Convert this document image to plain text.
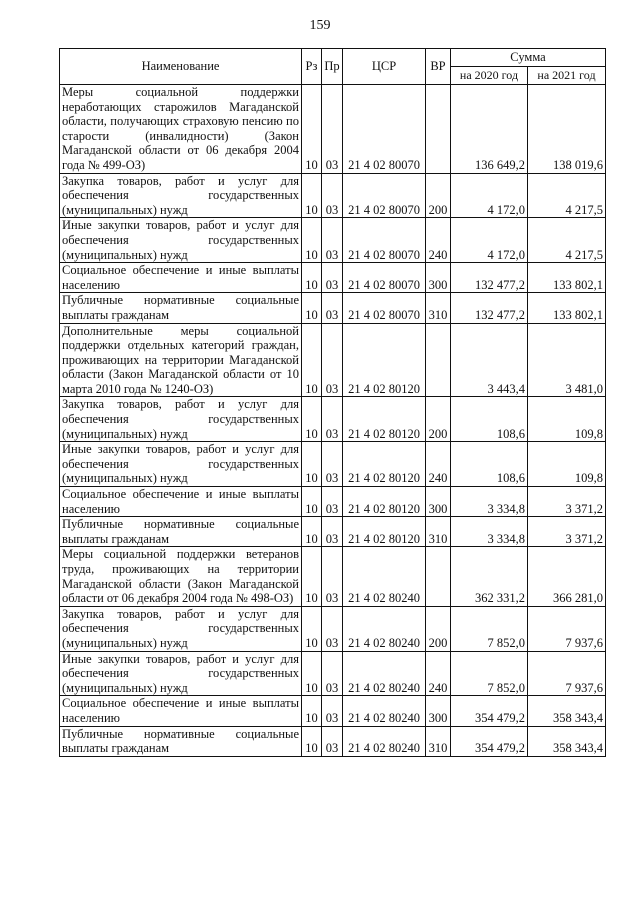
159
Наименование	Рз	Пр	ЦСР	ВР	Сумма	
					на 2020 год	на 2021 год
Меры социальной поддержки неработающих старожилов Магаданской области, получающих страховую пенсию по старости (инвалидности) (Закон Магаданской области от 06 декабря 2004 года № 499-ОЗ)	10	03	21 4 02 80070		136 649,2	138 019,6
Закупка товаров, работ и услуг для обеспечения государственных (муниципальных) нужд	10	03	21 4 02 80070	200	4 172,0	4 217,5
Иные закупки товаров, работ и услуг для обеспечения государственных (муниципальных) нужд	10	03	21 4 02 80070	240	4 172,0	4 217,5
Социальное обеспечение и иные выплаты населению	10	03	21 4 02 80070	300	132 477,2	133 802,1
Публичные нормативные социальные выплаты гражданам	10	03	21 4 02 80070	310	132 477,2	133 802,1
Дополнительные меры социальной поддержки отдельных категорий граждан, проживающих на территории Магаданской области (Закон Магаданской области от 10 марта 2010 года № 1240-ОЗ)	10	03	21 4 02 80120		3 443,4	3 481,0
Закупка товаров, работ и услуг для обеспечения государственных (муниципальных) нужд	10	03	21 4 02 80120	200	108,6	109,8
Иные закупки товаров, работ и услуг для обеспечения государственных (муниципальных) нужд	10	03	21 4 02 80120	240	108,6	109,8
Социальное обеспечение и иные выплаты населению	10	03	21 4 02 80120	300	3 334,8	3 371,2
Публичные нормативные социальные выплаты гражданам	10	03	21 4 02 80120	310	3 334,8	3 371,2
Меры социальной поддержки ветеранов труда, проживающих на территории Магаданской области (Закон Магаданской области от 06 декабря 2004 года № 498-ОЗ)	10	03	21 4 02 80240		362 331,2	366 281,0
Закупка товаров, работ и услуг для обеспечения государственных (муниципальных) нужд	10	03	21 4 02 80240	200	7 852,0	7 937,6
Иные закупки товаров, работ и услуг для обеспечения государственных (муниципальных) нужд	10	03	21 4 02 80240	240	7 852,0	7 937,6
Социальное обеспечение и иные выплаты населению	10	03	21 4 02 80240	300	354 479,2	358 343,4
Публичные нормативные социальные выплаты гражданам	10	03	21 4 02 80240	310	354 479,2	358 343,4
